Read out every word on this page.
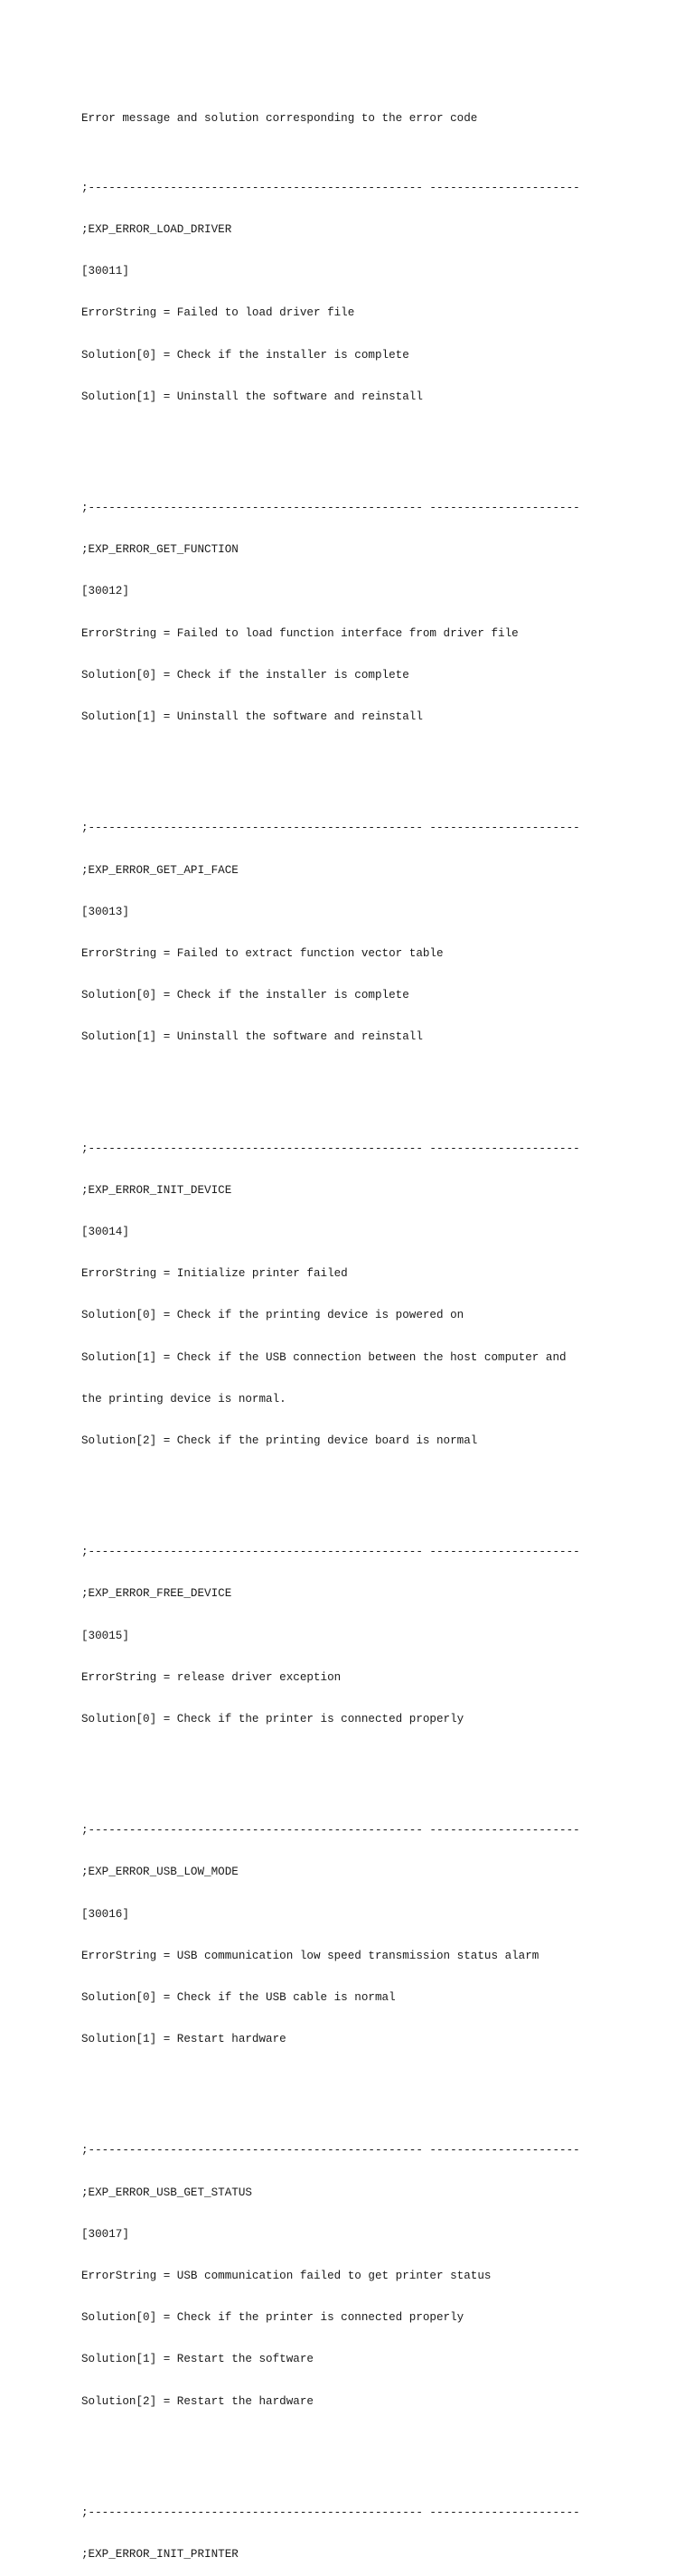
Error message and solution corresponding to the error code

;------------------------------------------------- ----------------------

;EXP_ERROR_LOAD_DRIVER

[30011]

ErrorString = Failed to load driver file

Solution[0] = Check if the installer is complete

Solution[1] = Uninstall the software and reinstall

;------------------------------------------------- ----------------------

;EXP_ERROR_GET_FUNCTION

[30012]

ErrorString = Failed to load function interface from driver file

Solution[0] = Check if the installer is complete

Solution[1] = Uninstall the software and reinstall

;------------------------------------------------- ----------------------

;EXP_ERROR_GET_API_FACE

[30013]

ErrorString = Failed to extract function vector table

Solution[0] = Check if the installer is complete

Solution[1] = Uninstall the software and reinstall

;------------------------------------------------- ----------------------

;EXP_ERROR_INIT_DEVICE

[30014]

ErrorString = Initialize printer failed

Solution[0] = Check if the printing device is powered on

Solution[1] = Check if the USB connection between the host computer and

the printing device is normal.

Solution[2] = Check if the printing device board is normal

;------------------------------------------------- ----------------------

;EXP_ERROR_FREE_DEVICE

[30015]

ErrorString = release driver exception

Solution[0] = Check if the printer is connected properly

;------------------------------------------------- ----------------------

;EXP_ERROR_USB_LOW_MODE

[30016]

ErrorString = USB communication low speed transmission status alarm

Solution[0] = Check if the USB cable is normal

Solution[1] = Restart hardware

;------------------------------------------------- ----------------------

;EXP_ERROR_USB_GET_STATUS

[30017]

ErrorString = USB communication failed to get printer status

Solution[0] = Check if the printer is connected properly

Solution[1] = Restart the software

Solution[2] = Restart the hardware

;------------------------------------------------- ----------------------

;EXP_ERROR_INIT_PRINTER
